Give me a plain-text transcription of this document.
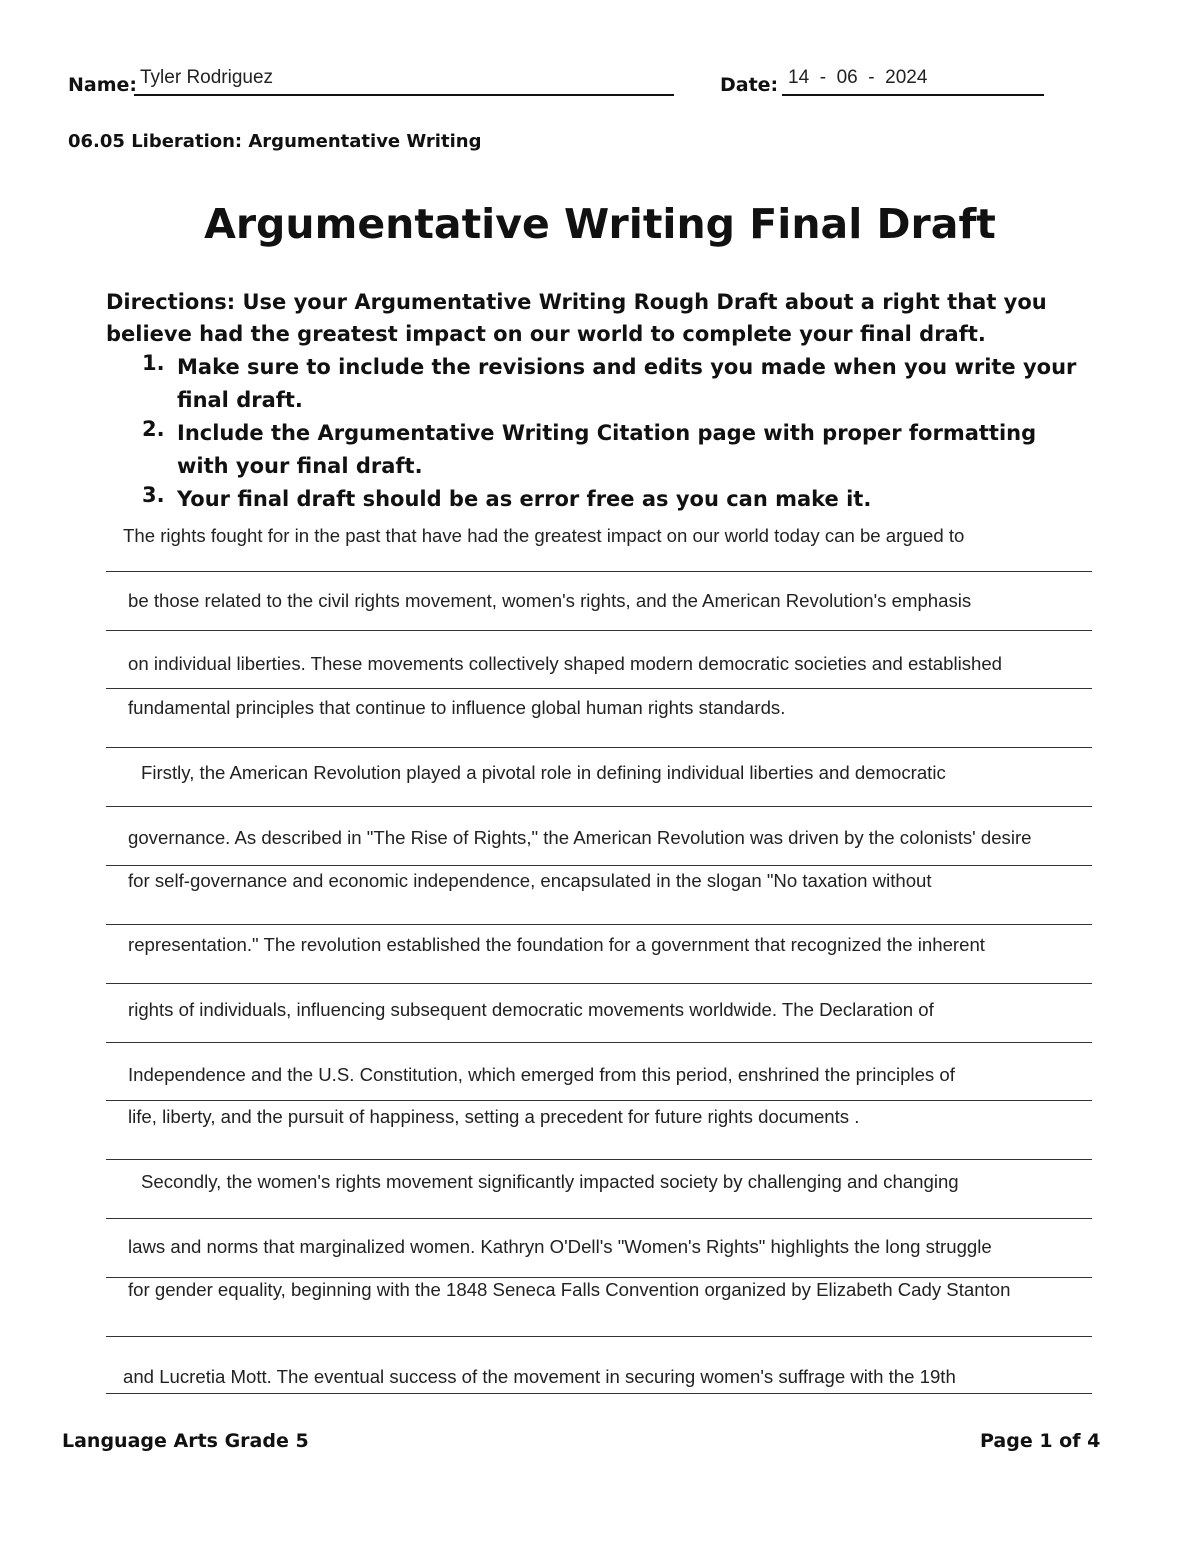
Name: Tyler Rodriguez	Date: 14  -  06  -  2024
06.05 Liberation: Argumentative Writing
Argumentative Writing Final Draft
Directions: Use your Argumentative Writing Rough Draft about a right that you
believe had the greatest impact on our world to complete your final draft.
1. Make sure to include the revisions and edits you made when you write your
final draft.
2. Include the Argumentative Writing Citation page with proper formatting
with your final draft.
3. Your final draft should be as error free as you can make it.
The rights fought for in the past that have had the greatest impact on our world today can be argued to
be those related to the civil rights movement, women's rights, and the American Revolution's emphasis
on individual liberties. These movements collectively shaped modern democratic societies and established
fundamental principles that continue to influence global human rights standards.
Firstly, the American Revolution played a pivotal role in defining individual liberties and democratic
governance. As described in "The Rise of Rights," the American Revolution was driven by the colonists' desire
for self-governance and economic independence, encapsulated in the slogan "No taxation without
representation." The revolution established the foundation for a government that recognized the inherent
rights of individuals, influencing subsequent democratic movements worldwide. The Declaration of
Independence and the U.S. Constitution, which emerged from this period, enshrined the principles of
life, liberty, and the pursuit of happiness, setting a precedent for future rights documents .
Secondly, the women's rights movement significantly impacted society by challenging and changing
laws and norms that marginalized women. Kathryn O'Dell's "Women's Rights" highlights the long struggle
for gender equality, beginning with the 1848 Seneca Falls Convention organized by Elizabeth Cady Stanton
and Lucretia Mott. The eventual success of the movement in securing women's suffrage with the 19th
Language Arts Grade 5	Page 1 of 4
